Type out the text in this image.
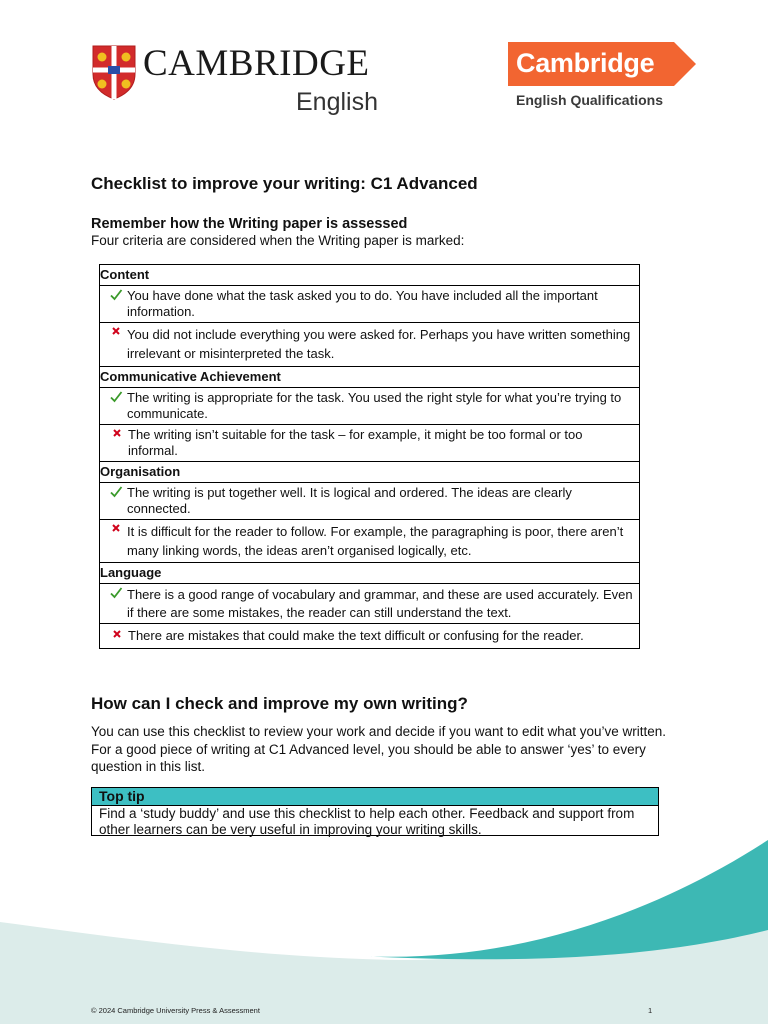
CAMBRIDGE
English
Cambridge
English Qualifications
Checklist to improve your writing: C1 Advanced
Remember how the Writing paper is assessed
Four criteria are considered when the Writing paper is marked:
Content
You have done what the task asked you to do. You have included all the important information.
You did not include everything you were asked for. Perhaps you have written something irrelevant or misinterpreted the task.
Communicative Achievement
The writing is appropriate for the task. You used the right style for what you’re trying to communicate.
The writing isn’t suitable for the task – for example, it might be too formal or too informal.
Organisation
The writing is put together well. It is logical and ordered. The ideas are clearly connected.
It is difficult for the reader to follow. For example, the paragraphing is poor, there aren’t many linking words, the ideas aren’t organised logically, etc.
Language
There is a good range of vocabulary and grammar, and these are used accurately. Even if there are some mistakes, the reader can still understand the text.
There are mistakes that could make the text difficult or confusing for the reader.
How can I check and improve my own writing?
You can use this checklist to review your work and decide if you want to edit what you’ve written. For a good piece of writing at C1 Advanced level, you should be able to answer ‘yes’ to every question in this list.
Top tip
Find a ‘study buddy’ and use this checklist to help each other. Feedback and support from other learners can be very useful in improving your writing skills.
© 2024 Cambridge University Press & Assessment	1
